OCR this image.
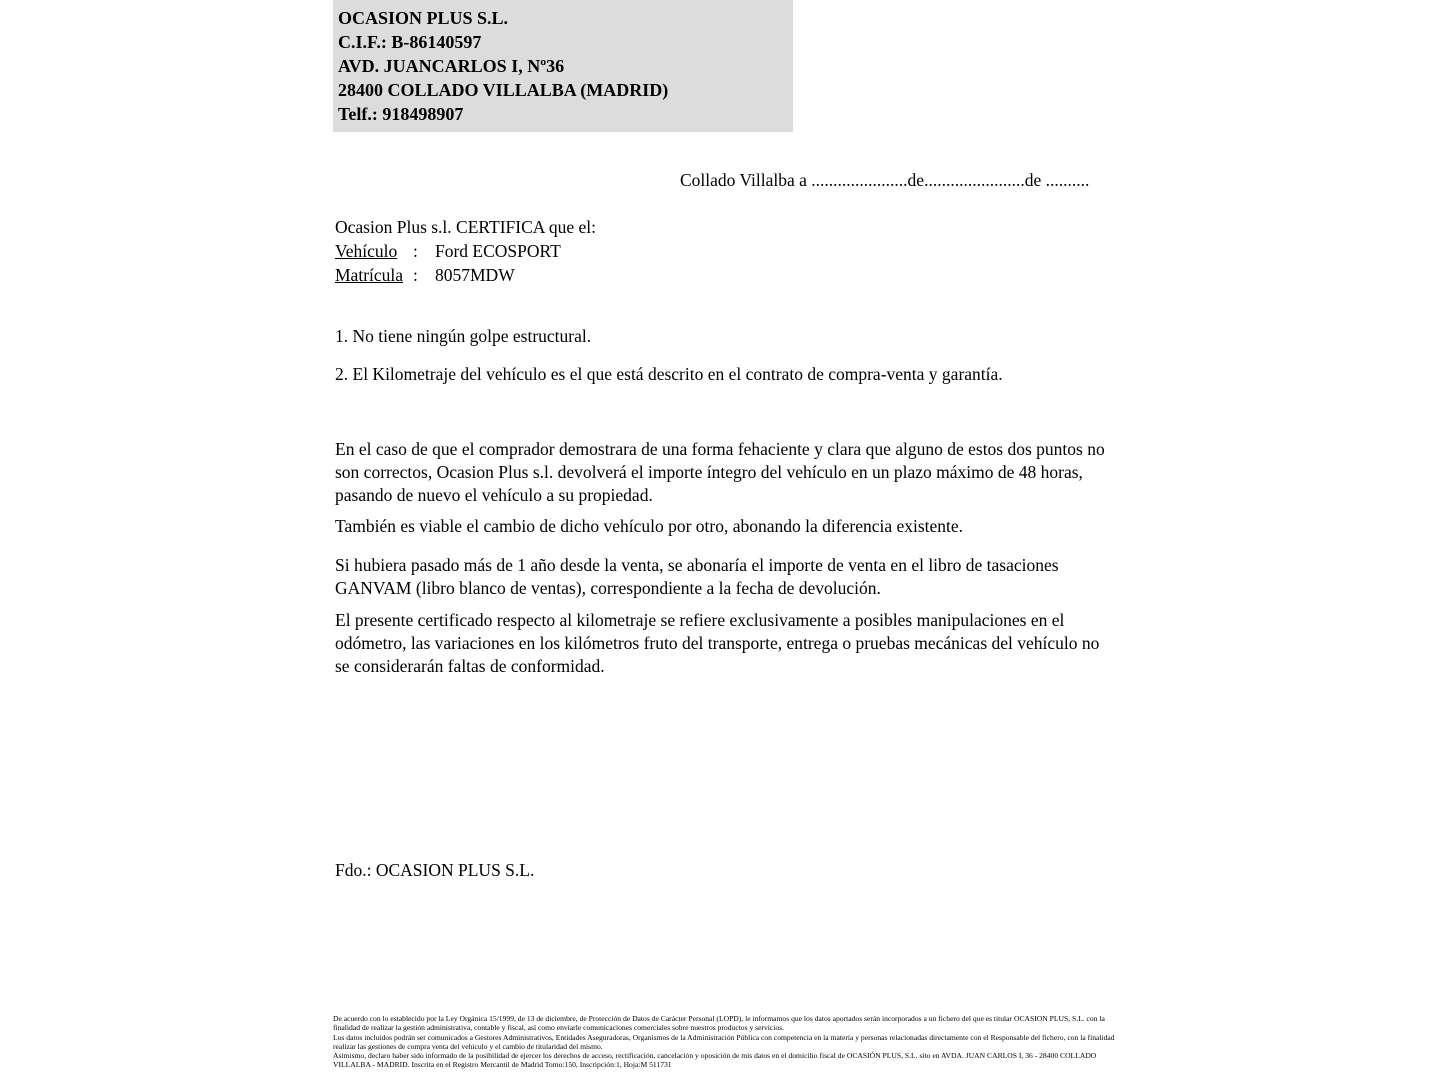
OCASION PLUS S.L.
C.I.F.: B-86140597
AVD. JUANCARLOS I, Nº36
28400 COLLADO VILLALBA (MADRID)
Telf.: 918498907
Collado Villalba a ......................de.......................de ..........
Ocasion Plus s.l. CERTIFICA que el:
Vehículo : Ford ECOSPORT
Matrícula : 8057MDW
1. No tiene ningún golpe estructural.
2. El Kilometraje del vehículo es el que está descrito en el contrato de compra-venta y garantía.
En el caso de que el comprador demostrara de una forma fehaciente y clara que alguno de estos dos puntos no son correctos, Ocasion Plus s.l. devolverá el importe íntegro del vehículo en un plazo máximo de 48 horas, pasando de nuevo el vehículo a su propiedad.
También es viable el cambio de dicho vehículo por otro, abonando la diferencia existente.
Si hubiera pasado más de 1 año desde la venta, se abonaría el importe de venta en el libro de tasaciones GANVAM (libro blanco de ventas), correspondiente a la fecha de devolución.
El presente certificado respecto al kilometraje se refiere exclusivamente a posibles manipulaciones en el odómetro, las variaciones en los kilómetros fruto del transporte, entrega o pruebas mecánicas del vehículo no se considerarán faltas de conformidad.
Fdo.: OCASION PLUS S.L.

De acuerdo con lo establecido por la Ley Orgánica 15/1999, de 13 de diciembre, de Protección de Datos de Carácter Personal (LOPD), le informamos que los datos aportados serán incorporados a un fichero del que es titular OCASION PLUS, S.L. con la finalidad de realizar la gestión administrativa, contable y fiscal, así como enviarle comunicaciones comerciales sobre nuestros productos y servicios.

Los datos incluidos podrán ser comunicados a Gestores Administrativos, Entidades Aseguradoras, Organismos de la Administración Pública con competencia en la materia y personas relacionadas directamente con el Responsable del fichero, con la finalidad realizar las gestiones de compra venta del vehículo y el cambio de titularidad del mismo.

Asimismo, declaro haber sido informado de la posibilidad de ejercer los derechos de acceso, rectificación, cancelación y oposición de mis datos en el domicilio fiscal de OCASIÓN PLUS, S.L. sito en AVDA. JUAN CARLOS I, 36 - 28400 COLLADO VILLALBA - MADRID. Inscrita en el Registro Mercantil de Madrid Tomo:150, Inscripción:1, Hoja:M 511731
